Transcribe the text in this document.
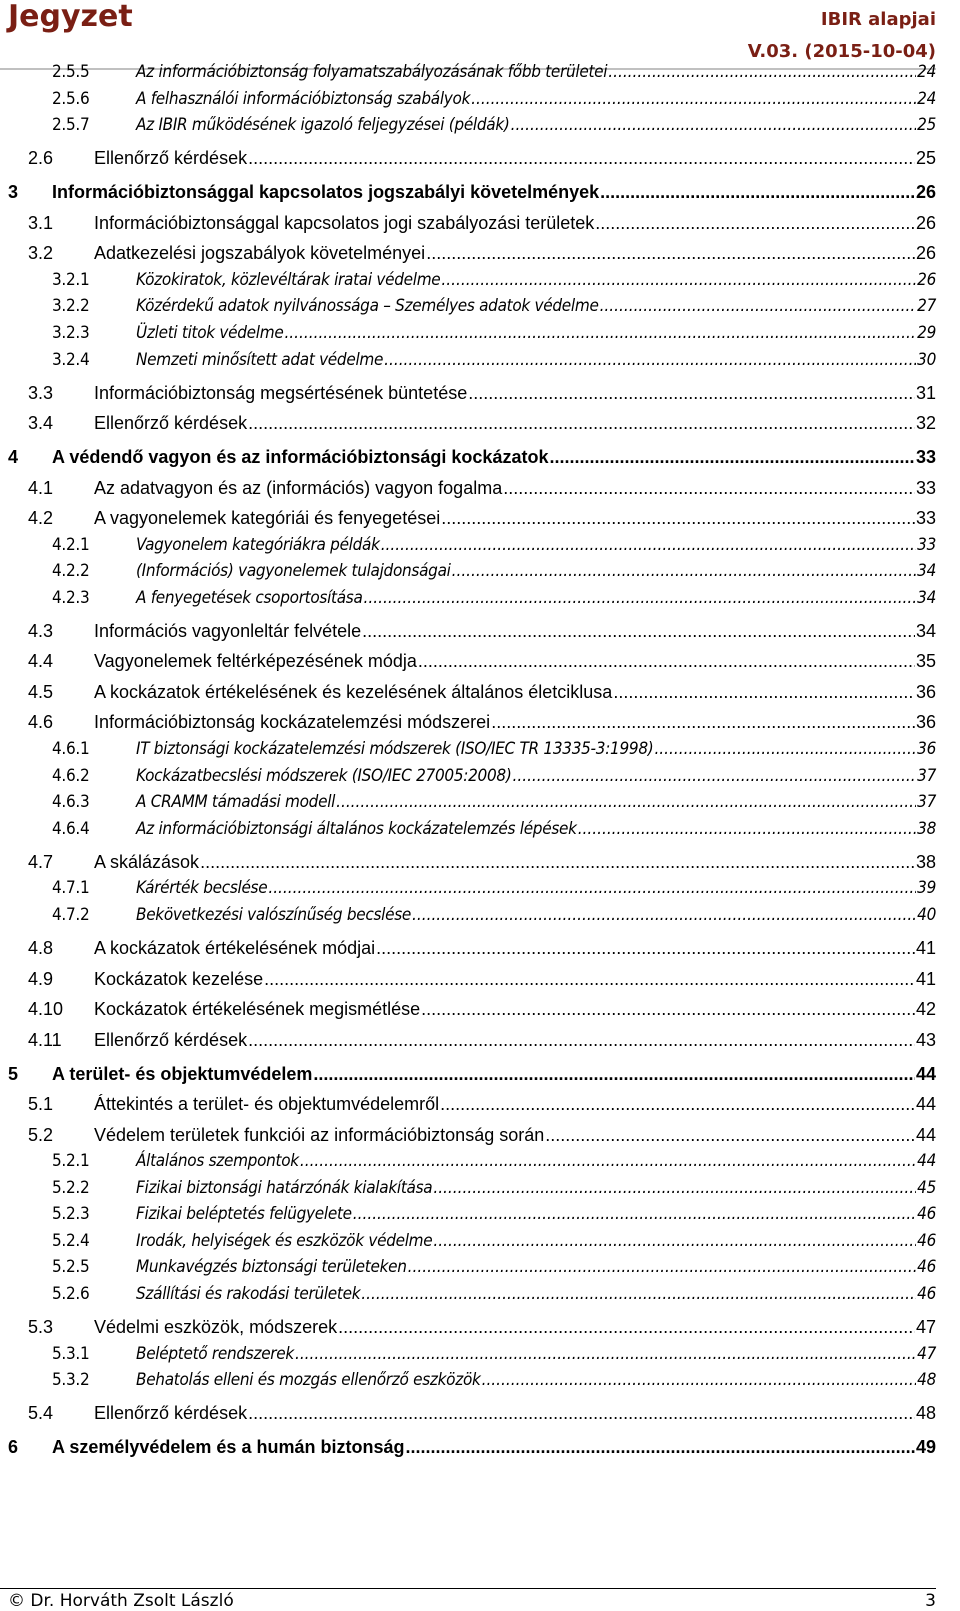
Jegyzet	IBIR alapjai
V.03. (2015-10-04)
2.5.5	Az információbiztonság folyamatszabályozásának főbb területei .....	24
2.5.6	A felhasználói információbiztonság szabályok .....	24
2.5.7	Az IBIR működésének igazoló feljegyzései (példák) .....	25
2.6	Ellenőrző kérdések .....	25
3	Információbiztonsággal kapcsolatos jogszabályi követelmények .....	26
3.1	Információbiztonsággal kapcsolatos jogi szabályozási területek .....	26
3.2	Adatkezelési jogszabályok követelményei .....	26
3.2.1	Közokiratok, közlevéltárak iratai védelme .....	26
3.2.2	Közérdekű adatok nyilvánossága – Személyes adatok védelme .....	27
3.2.3	Üzleti titok védelme .....	29
3.2.4	Nemzeti minősített adat védelme .....	30
3.3	Információbiztonság megsértésének büntetése .....	31
3.4	Ellenőrző kérdések .....	32
4	A védendő vagyon és az információbiztonsági kockázatok .....	33
4.1	Az adatvagyon és az (információs) vagyon fogalma .....	33
4.2	A vagyonelemek kategóriái és fenyegetései .....	33
4.2.1	Vagyonelem kategóriákra példák .....	33
4.2.2	(Információs) vagyonelemek tulajdonságai .....	34
4.2.3	A fenyegetések csoportosítása .....	34
4.3	Információs vagyonleltár felvétele .....	34
4.4	Vagyonelemek feltérképezésének módja .....	35
4.5	A kockázatok értékelésének és kezelésének általános életciklusa .....	36
4.6	Információbiztonság kockázatelemzési módszerei .....	36
4.6.1	IT biztonsági kockázatelemzési módszerek (ISO/IEC TR 13335-3:1998) .....	36
4.6.2	Kockázatbecslési módszerek (ISO/IEC 27005:2008) .....	37
4.6.3	A CRAMM támadási modell .....	37
4.6.4	Az információbiztonsági általános kockázatelemzés lépések .....	38
4.7	A skálázások .....	38
4.7.1	Kárérték becslése .....	39
4.7.2	Bekövetkezési valószínűség becslése .....	40
4.8	A kockázatok értékelésének módjai .....	41
4.9	Kockázatok kezelése .....	41
4.10	Kockázatok értékelésének megismétlése .....	42
4.11	Ellenőrző kérdések .....	43
5	A terület- és objektumvédelem .....	44
5.1	Áttekintés a terület- és objektumvédelemről .....	44
5.2	Védelem területek funkciói az információbiztonság során .....	44
5.2.1	Általános szempontok .....	44
5.2.2	Fizikai biztonsági határzónák kialakítása .....	45
5.2.3	Fizikai beléptetés felügyelete .....	46
5.2.4	Irodák, helyiségek és eszközök védelme .....	46
5.2.5	Munkavégzés biztonsági területeken .....	46
5.2.6	Szállítási és rakodási területek .....	46
5.3	Védelmi eszközök, módszerek .....	47
5.3.1	Beléptető rendszerek .....	47
5.3.2	Behatolás elleni és mozgás ellenőrző eszközök .....	48
5.4	Ellenőrző kérdések .....	48
6	A személyvédelem és a humán biztonság .....	49
© Dr. Horváth Zsolt László	3
